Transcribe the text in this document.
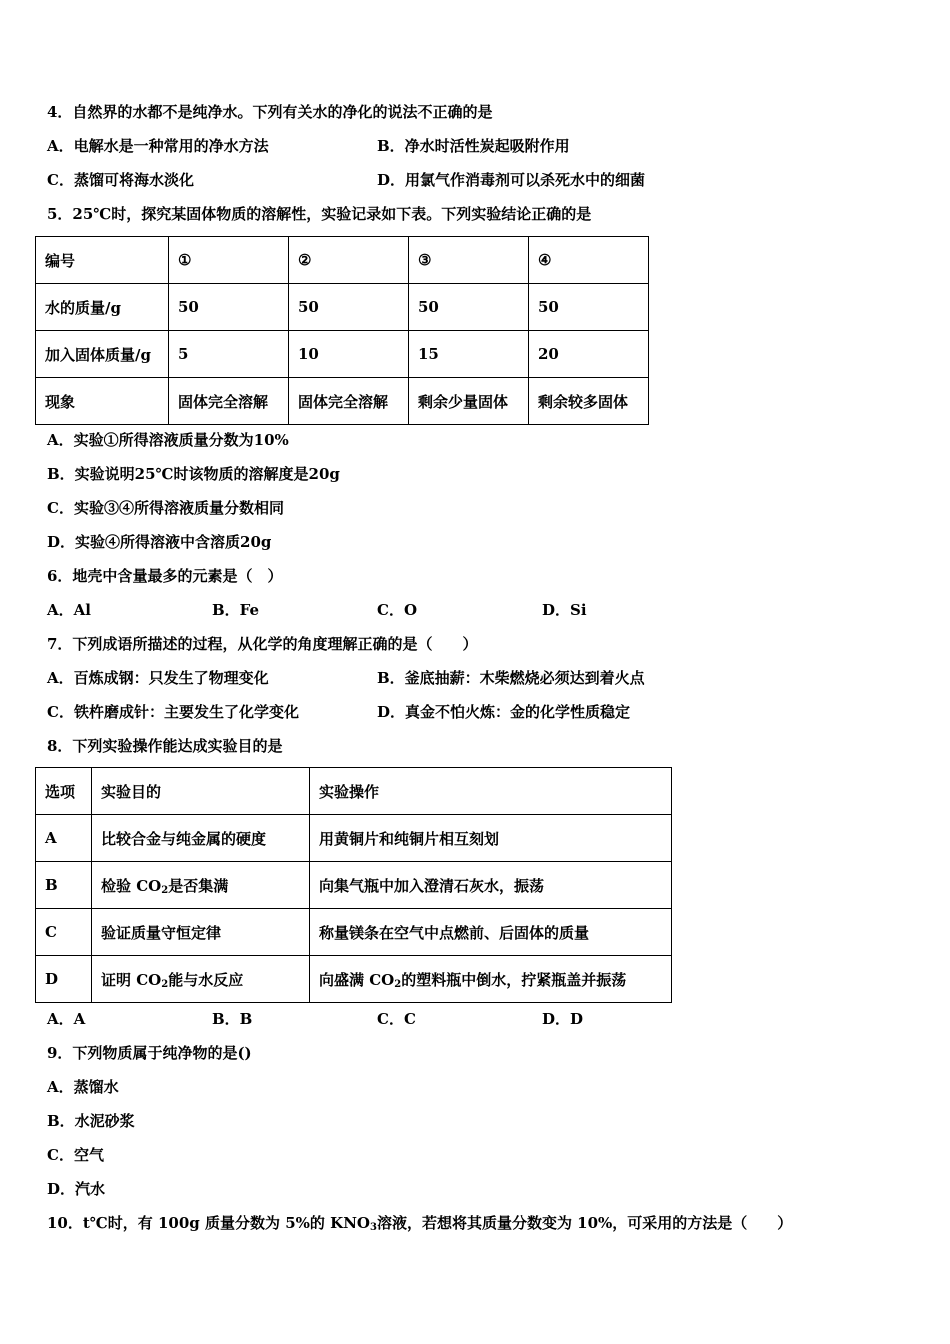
4．自然界的水都不是纯净水。下列有关水的净化的说法不正确的是
A．电解水是一种常用的净水方法	B．净水时活性炭起吸附作用
C．蒸馏可将海水淡化	D．用氯气作消毒剂可以杀死水中的细菌
5．25℃时，探究某固体物质的溶解性，实验记录如下表。下列实验结论正确的是
编号	①	②	③	④
水的质量/g	50	50	50	50
加入固体质量/g	5	10	15	20
现象	固体完全溶解	固体完全溶解	剩余少量固体	剩余较多固体
A．实验①所得溶液质量分数为10%
B．实验说明25℃时该物质的溶解度是20g
C．实验③④所得溶液质量分数相同
D．实验④所得溶液中含溶质20g
6．地壳中含量最多的元素是（　）
A．Al	B．Fe	C．O	D．Si
7．下列成语所描述的过程，从化学的角度理解正确的是（　　）
A．百炼成钢：只发生了物理变化	B．釜底抽薪：木柴燃烧必须达到着火点
C．铁杵磨成针：主要发生了化学变化	D．真金不怕火炼：金的化学性质稳定
8．下列实验操作能达成实验目的是
选项	实验目的	实验操作
A	比较合金与纯金属的硬度	用黄铜片和纯铜片相互刻划
B	检验 $CO_2$是否集满	向集气瓶中加入澄清石灰水，振荡
C	验证质量守恒定律	称量镁条在空气中点燃前、后固体的质量
D	证明 $CO_2$能与水反应	向盛满 $CO_2$的塑料瓶中倒水，拧紧瓶盖并振荡
A．A	B．B	C．C	D．D
9．下列物质属于纯净物的是()
A．蒸馏水
B．水泥砂浆
C．空气
D．汽水
10．t℃时，有 100g 质量分数为 5%的 $KNO_3$溶液，若想将其质量分数变为 10%，可采用的方法是（　　）
